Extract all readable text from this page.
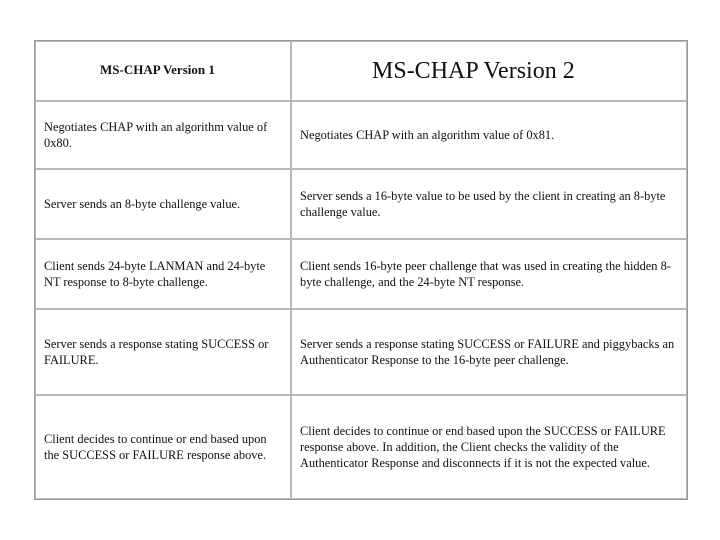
MS-CHAP Version 1	MS-CHAP Version 2
Negotiates CHAP with an algorithm value of 0x80.	Negotiates CHAP with an algorithm value of 0x81.
Server sends an 8-byte challenge value.	Server sends a 16-byte value to be used by the client in creating an 8-byte challenge value.
Client sends 24-byte LANMAN and 24-byte NT response to 8-byte challenge.	Client sends 16-byte peer challenge that was used in creating the hidden 8-byte challenge, and the 24-byte NT response.
Server sends a response stating SUCCESS or FAILURE.	Server sends a response stating SUCCESS or FAILURE and piggybacks an Authenticator Response to the 16-byte peer challenge.
Client decides to continue or end based upon the SUCCESS or FAILURE response above.	Client decides to continue or end based upon the SUCCESS or FAILURE response above. In addition, the Client checks the validity of the Authenticator Response and disconnects if it is not the expected value.
